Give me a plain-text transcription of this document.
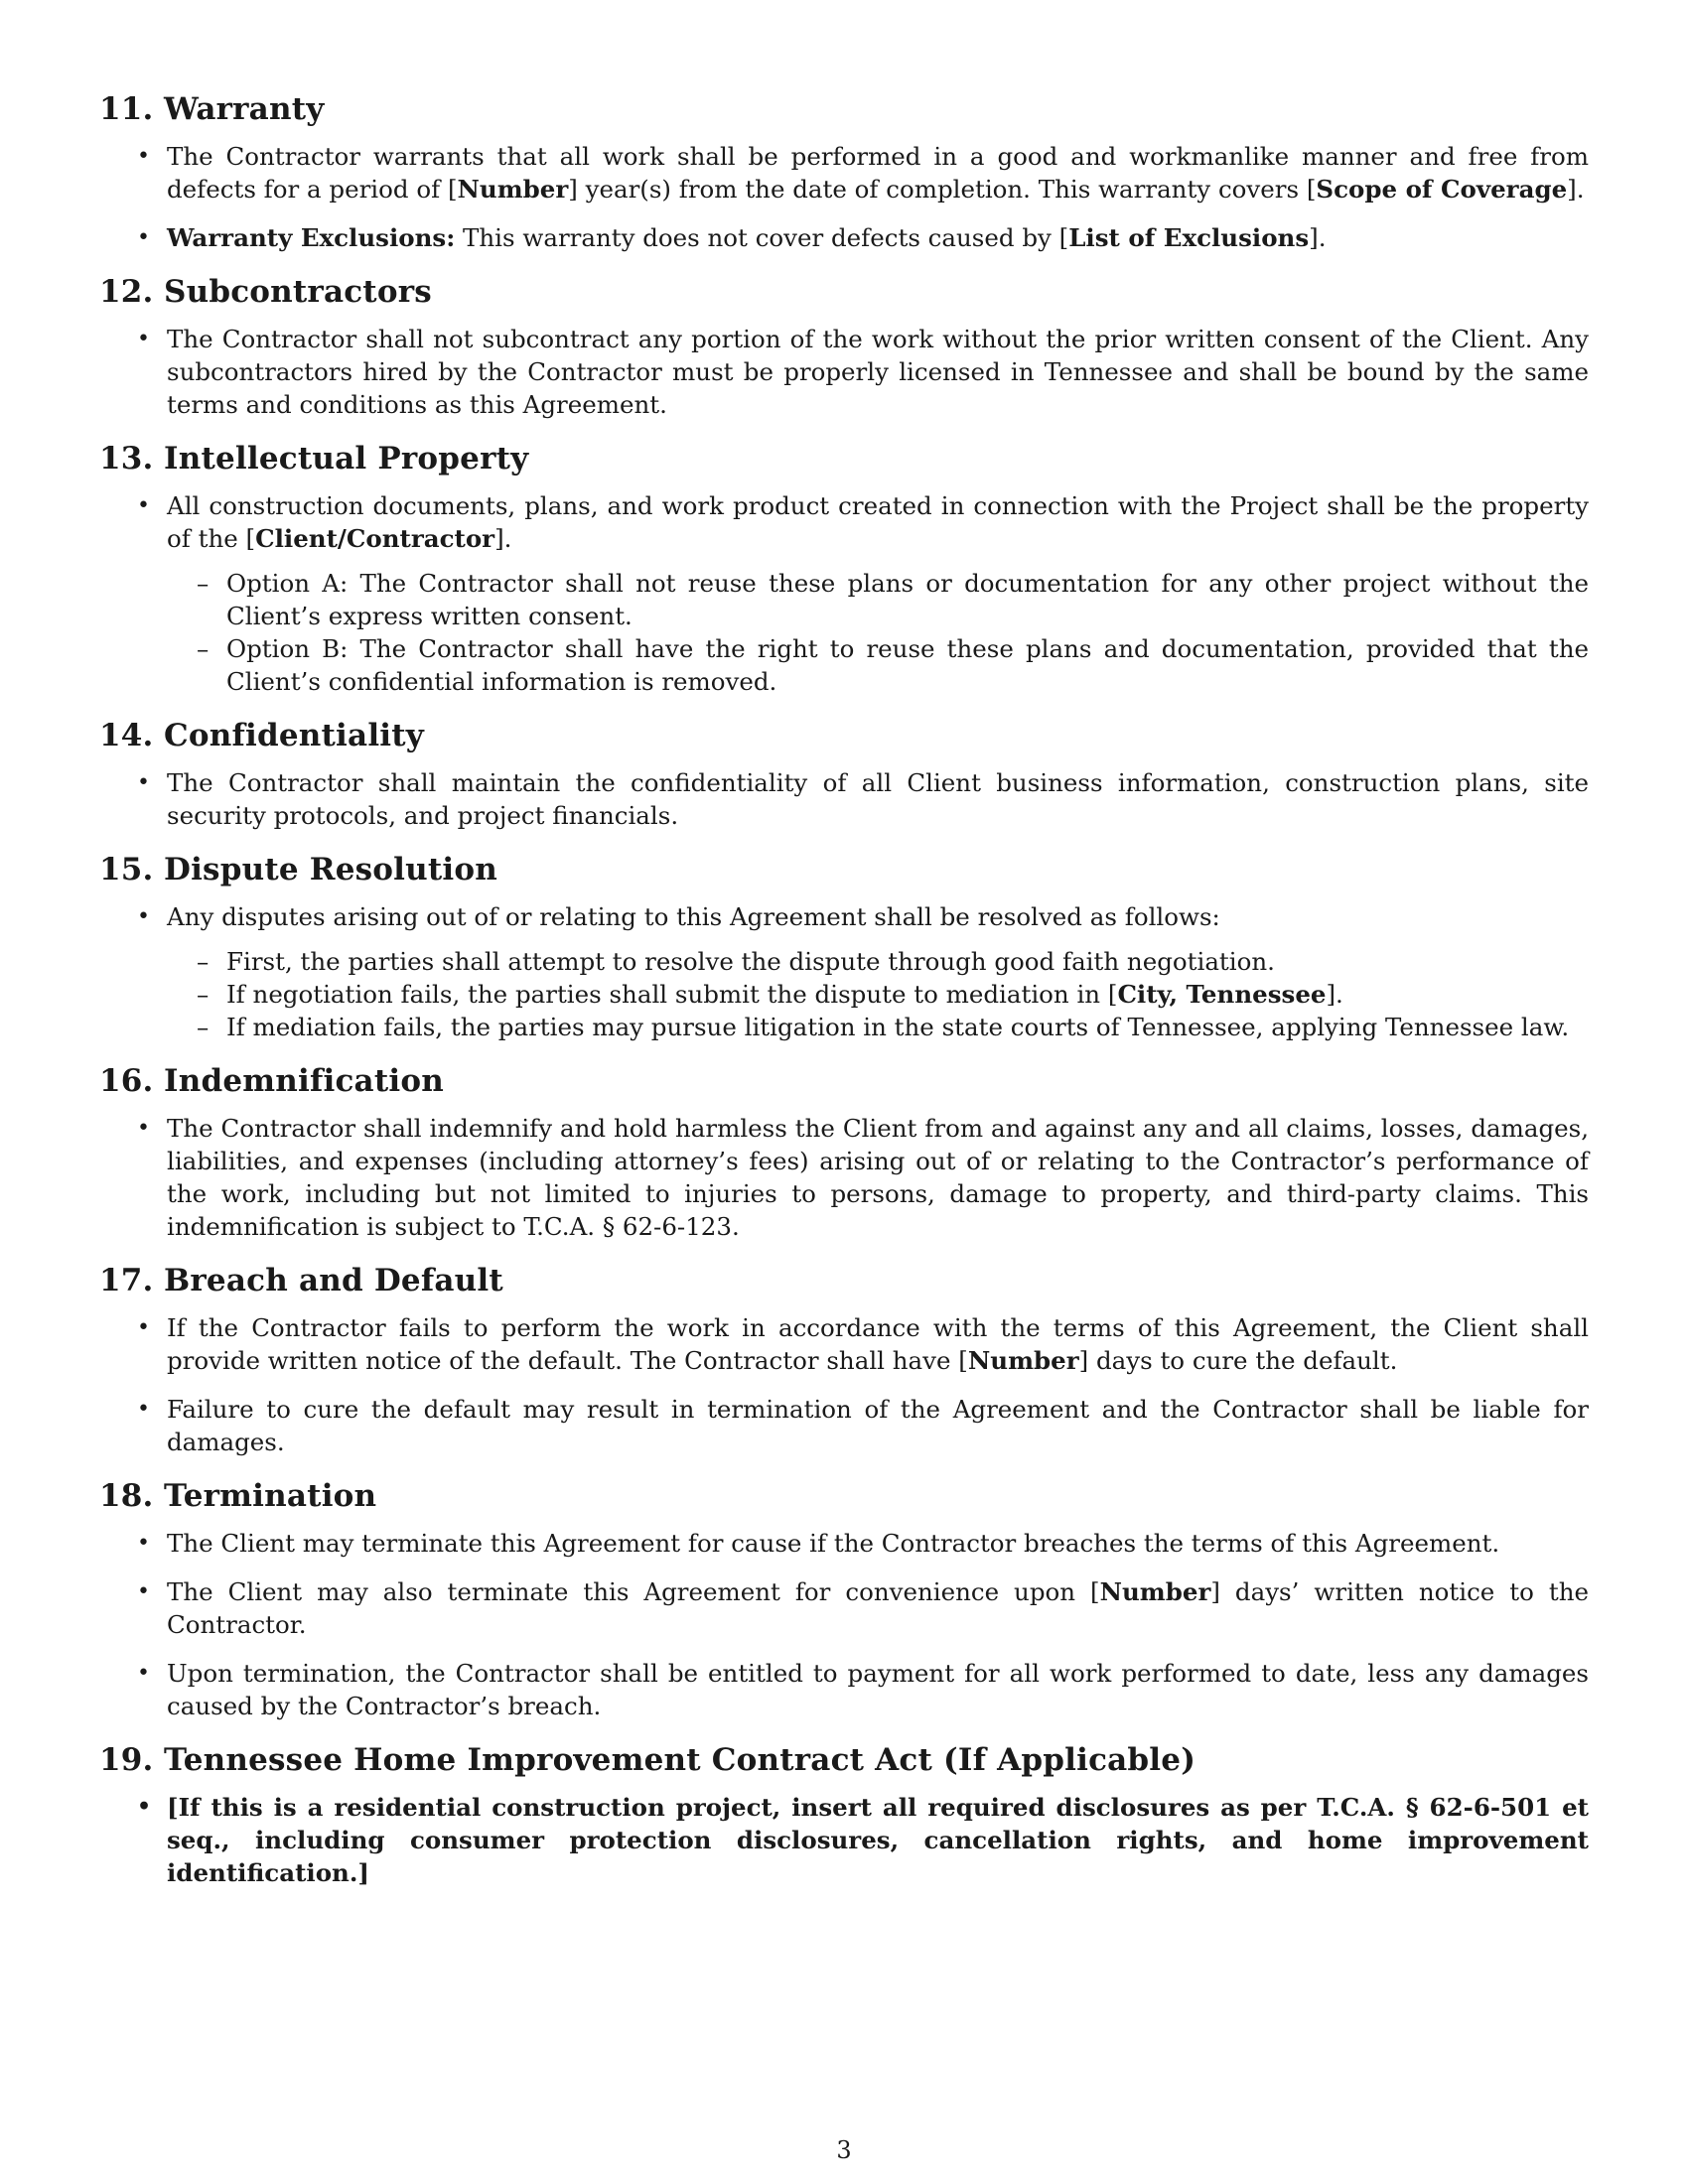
11. Warranty
• The Contractor warrants that all work shall be performed in a good and workmanlike manner and free from defects for a period of [Number] year(s) from the date of completion. This warranty covers [Scope of Coverage].
• Warranty Exclusions: This warranty does not cover defects caused by [List of Exclusions].
12. Subcontractors
• The Contractor shall not subcontract any portion of the work without the prior written consent of the Client. Any subcontractors hired by the Contractor must be properly licensed in Tennessee and shall be bound by the same terms and conditions as this Agreement.
13. Intellectual Property
• All construction documents, plans, and work product created in connection with the Project shall be the property of the [Client/Contractor].
– Option A: The Contractor shall not reuse these plans or documentation for any other project without the Client’s express written consent.
– Option B: The Contractor shall have the right to reuse these plans and documentation, provided that the Client’s confidential information is removed.
14. Confidentiality
• The Contractor shall maintain the confidentiality of all Client business information, construction plans, site security protocols, and project financials.
15. Dispute Resolution
• Any disputes arising out of or relating to this Agreement shall be resolved as follows:
– First, the parties shall attempt to resolve the dispute through good faith negotiation.
– If negotiation fails, the parties shall submit the dispute to mediation in [City, Tennessee].
– If mediation fails, the parties may pursue litigation in the state courts of Tennessee, applying Tennessee law.
16. Indemnification
• The Contractor shall indemnify and hold harmless the Client from and against any and all claims, losses, damages, liabilities, and expenses (including attorney’s fees) arising out of or relating to the Contractor’s performance of the work, including but not limited to injuries to persons, damage to property, and third-party claims. This indemnification is subject to T.C.A. § 62-6-123.
17. Breach and Default
• If the Contractor fails to perform the work in accordance with the terms of this Agreement, the Client shall provide written notice of the default. The Contractor shall have [Number] days to cure the default.
• Failure to cure the default may result in termination of the Agreement and the Contractor shall be liable for damages.
18. Termination
• The Client may terminate this Agreement for cause if the Contractor breaches the terms of this Agreement.
• The Client may also terminate this Agreement for convenience upon [Number] days’ written notice to the Contractor.
• Upon termination, the Contractor shall be entitled to payment for all work performed to date, less any damages caused by the Contractor’s breach.
19. Tennessee Home Improvement Contract Act (If Applicable)
• [If this is a residential construction project, insert all required disclosures as per T.C.A. § 62-6-501 et seq., including consumer protection disclosures, cancellation rights, and home improvement identification.]
3
